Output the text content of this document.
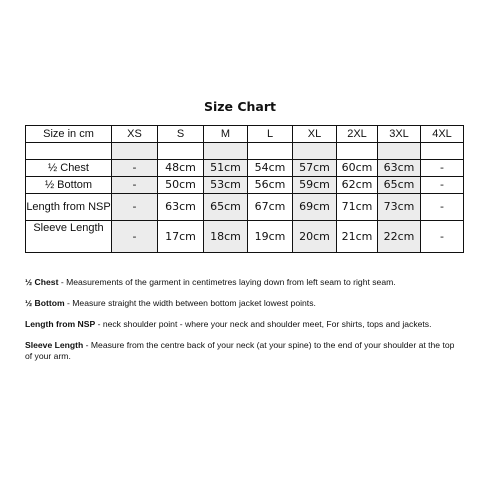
Size Chart
Size in cm	XS	S	M	L	XL	2XL	3XL	4XL

½ Chest	-	48cm	51cm	54cm	57cm	60cm	63cm	-
½ Bottom	-	50cm	53cm	56cm	59cm	62cm	65cm	-
Length from NSP	-	63cm	65cm	67cm	69cm	71cm	73cm	-
Sleeve Length	-	17cm	18cm	19cm	20cm	21cm	22cm	-

½ Chest - Measurements of the garment in centimetres laying down from left seam to right seam.

½ Bottom - Measure straight the width between bottom jacket lowest points.

Length from NSP - neck shoulder point - where your neck and shoulder meet, For shirts, tops and jackets.

Sleeve Length - Measure from the centre back of your neck (at your spine) to the end of your shoulder at the top of your arm.
